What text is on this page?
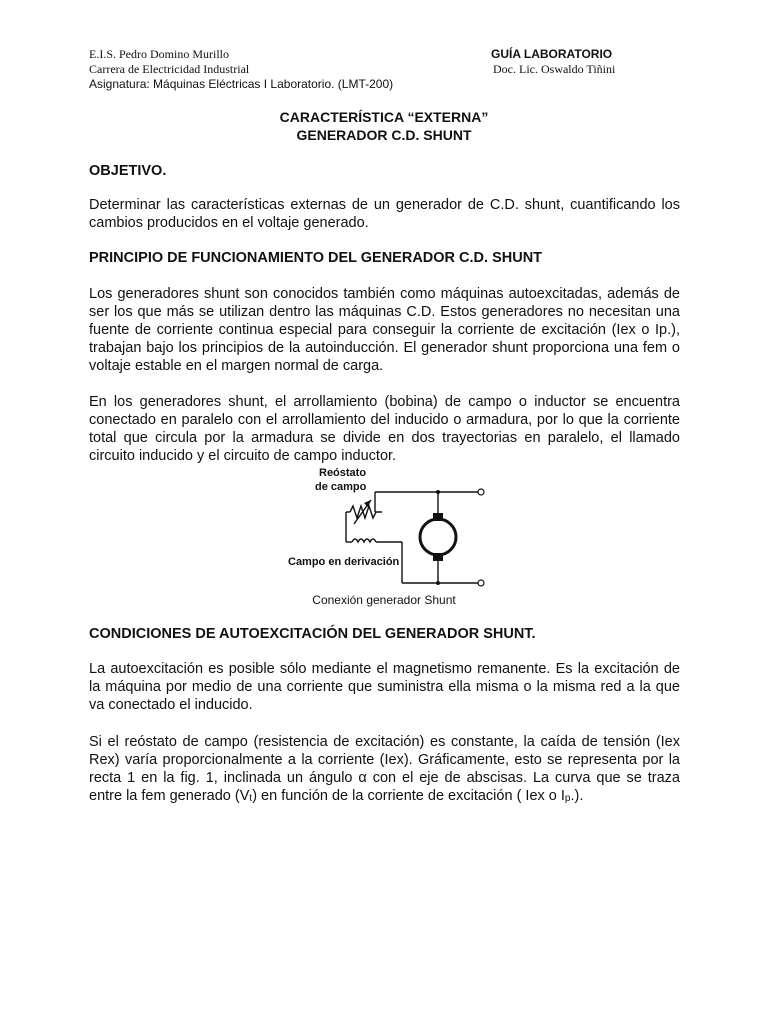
E.I.S. Pedro Domino Murillo
Carrera de Electricidad Industrial
Asignatura: Máquinas Eléctricas I Laboratorio. (LMT-200)
GUÍA LABORATORIO
Doc. Lic. Oswaldo Tiñini
CARACTERÍSTICA “EXTERNA”
GENERADOR C.D. SHUNT
OBJETIVO.
Determinar las características externas de un generador de C.D. shunt, cuantificando los cambios producidos en el voltaje generado.
PRINCIPIO DE FUNCIONAMIENTO DEL GENERADOR C.D. SHUNT
Los generadores shunt son conocidos también como máquinas autoexcitadas, además de ser los que más se utilizan dentro las máquinas C.D. Estos generadores no necesitan una fuente de corriente continua especial para conseguir la corriente de excitación (Iex o Ip.), trabajan bajo los principios de la autoinducción. El generador shunt proporciona una fem o voltaje estable en el margen normal de carga.
En los generadores shunt, el arrollamiento (bobina) de campo o inductor se encuentra conectado en paralelo con el arrollamiento del inducido o armadura, por lo que la corriente total que circula por la armadura se divide en dos trayectorias en paralelo, el llamado circuito inducido y el circuito de campo inductor.
Reóstato
de campo
Campo en derivación
Conexión generador Shunt
CONDICIONES DE AUTOEXCITACIÓN DEL GENERADOR SHUNT.
La autoexcitación es posible sólo mediante el magnetismo remanente. Es la excitación de la máquina por medio de una corriente que suministra ella misma o la misma red a la que va conectado el inducido.
Si el reóstato de campo (resistencia de excitación) es constante, la caída de tensión (Iex Rex) varía proporcionalmente a la corriente (Iex). Gráficamente, esto se representa por la recta 1 en la fig. 1, inclinada un ángulo α con el eje de abscisas. La curva que se traza entre la fem generado $(V_t)$ en función de la corriente de excitación ( Iex o $I_p$.).
